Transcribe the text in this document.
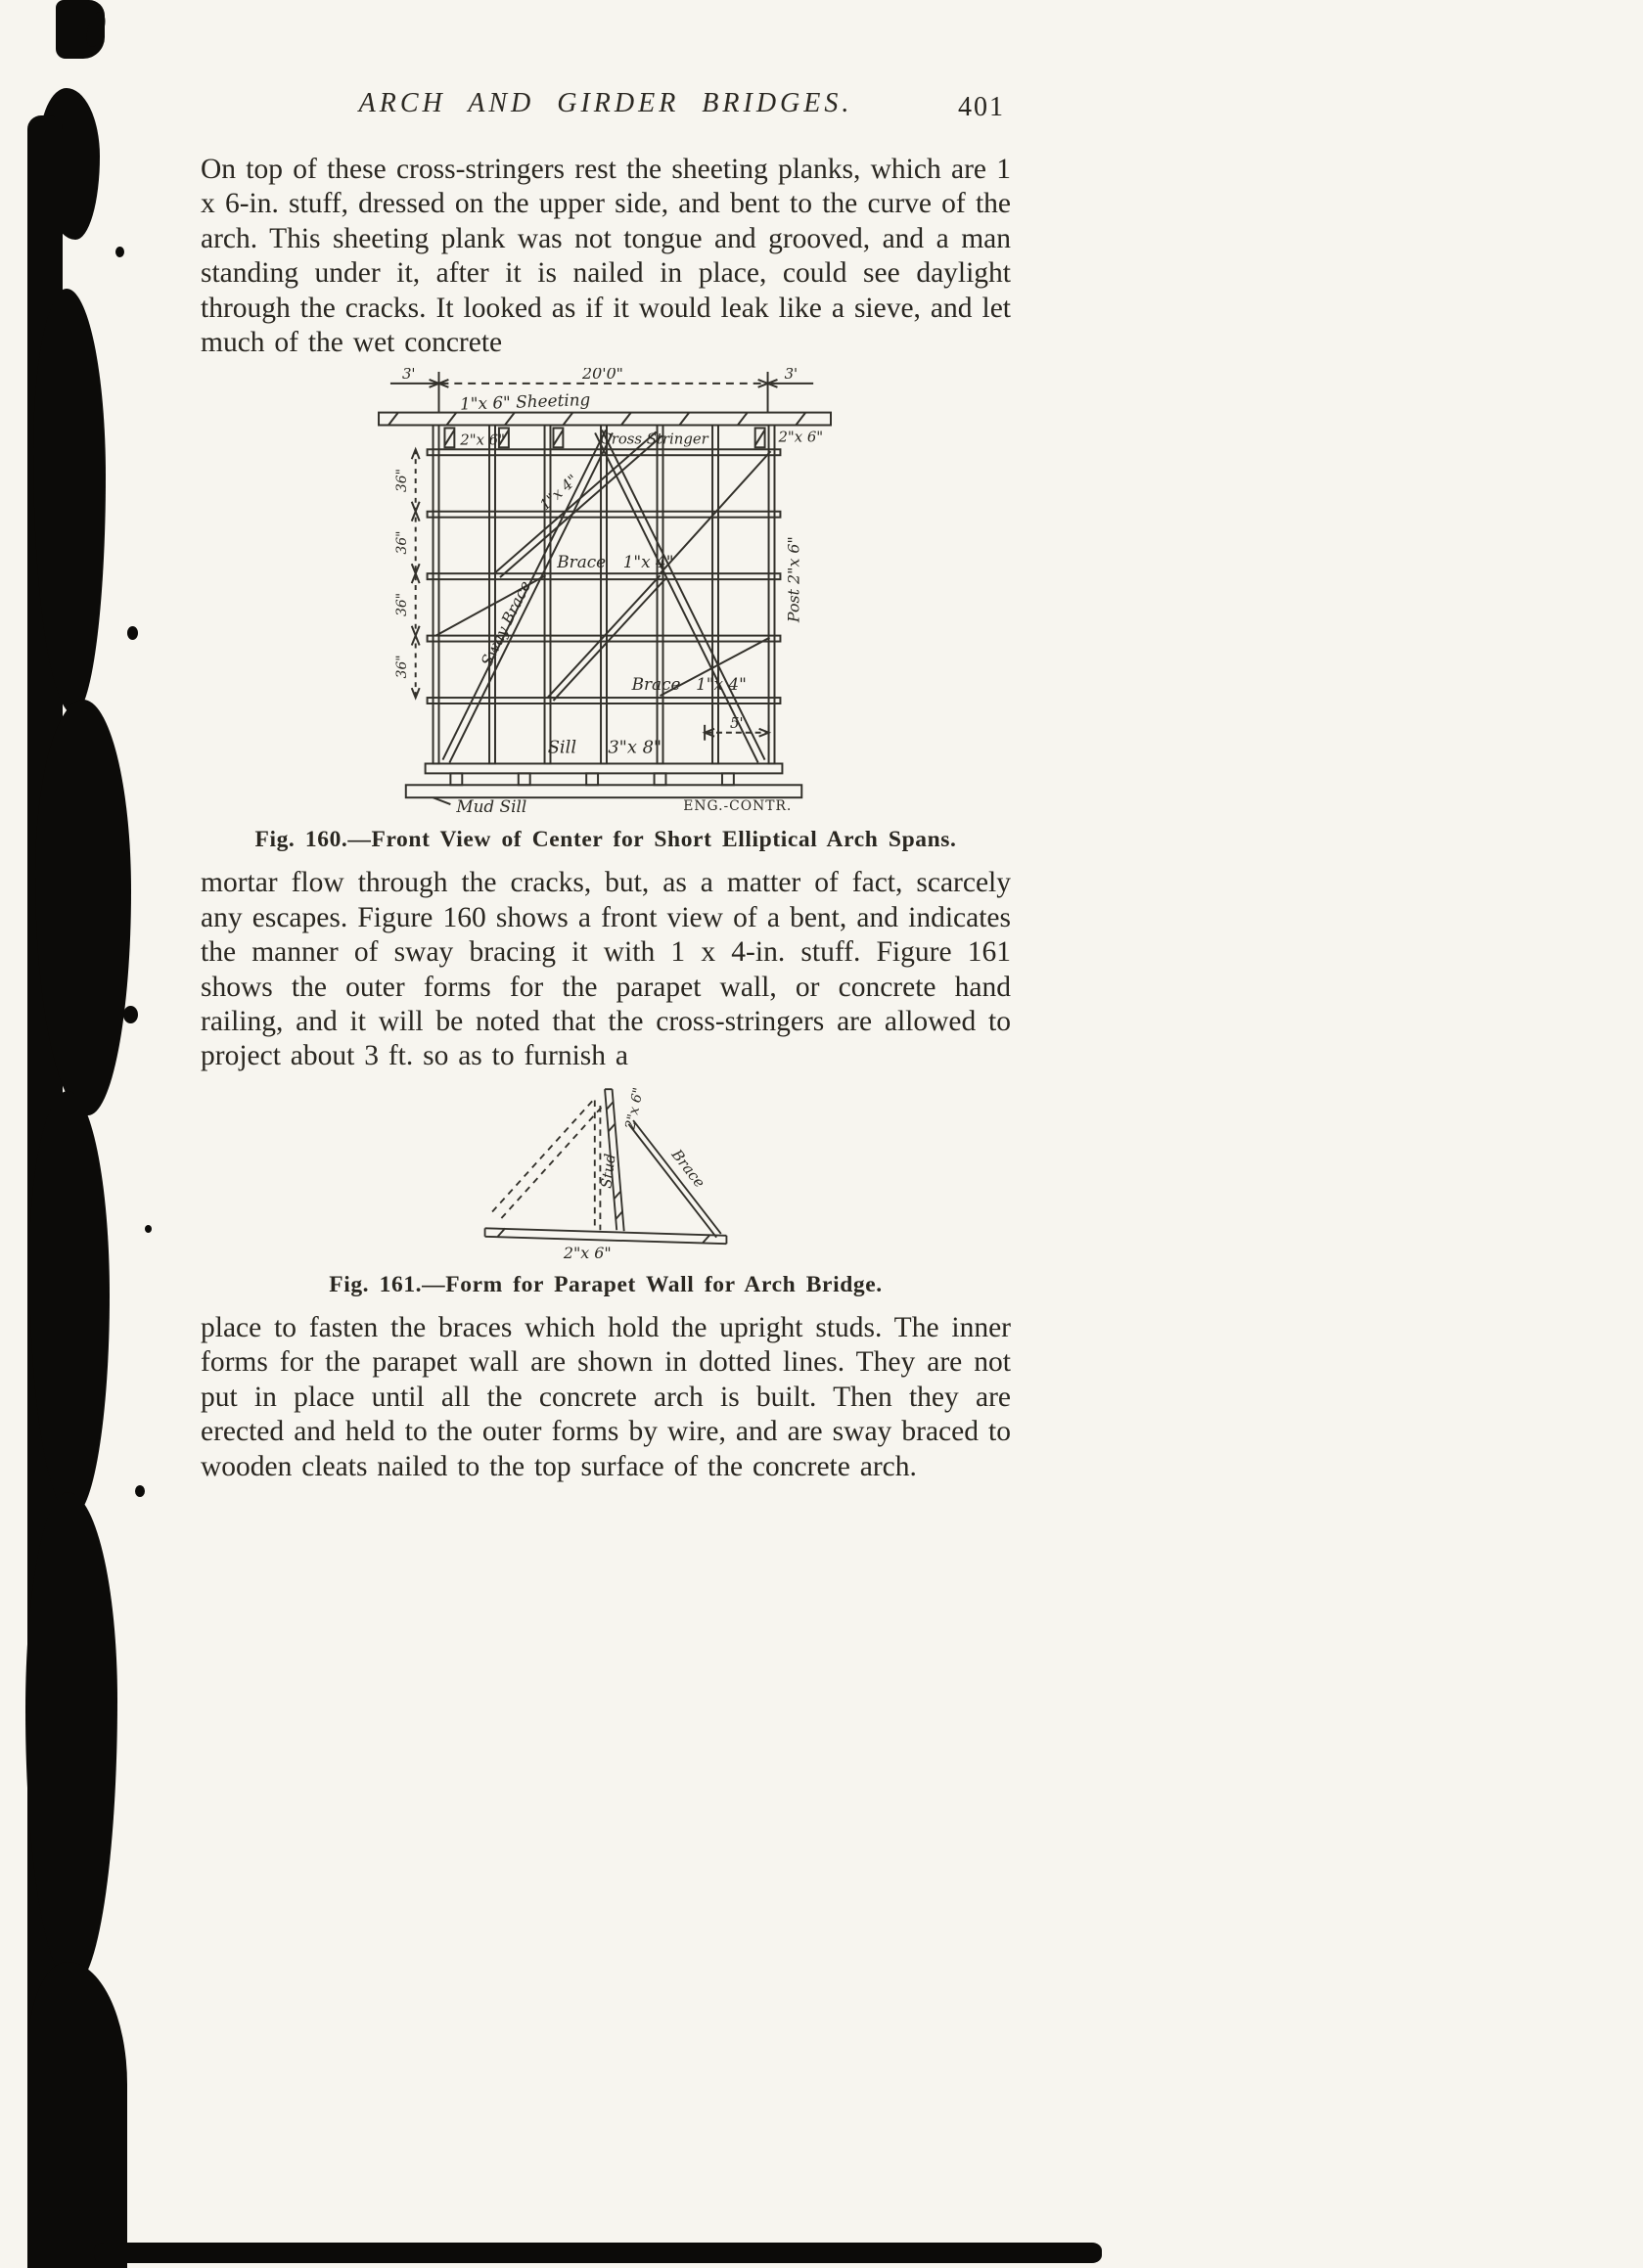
ARCH AND GIRDER BRIDGES.	401

On top of these cross-stringers rest the sheeting planks, which are 1 x 6-in. stuff, dressed on the upper side, and bent to the curve of the arch. This sheeting plank was not tongue and grooved, and a man standing under it, after it is nailed in place, could see daylight through the cracks. It looked as if it would leak like a sieve, and let much of the wet concrete

3'	20'0"	3'
1"x 6" Sheeting
2"x 6"	Cross Stringer	2"x 6"
1"x 4"
Brace 1"x 4"
Sway Brace	Post 2"x 6"
Brace 1"x 4"
Sill 3"x 8"
5'
Mud Sill	ENG.-CONTR.
36"
36"
36"
36"
Fig. 160.—Front View of Center for Short Elliptical Arch Spans.

mortar flow through the cracks, but, as a matter of fact, scarcely any escapes. Figure 160 shows a front view of a bent, and indicates the manner of sway bracing it with 1 x 4-in. stuff. Figure 161 shows the outer forms for the parapet wall, or concrete hand railing, and it will be noted that the cross-stringers are allowed to project about 3 ft. so as to furnish a

2"x 6"
Stud	Brace
2"x 6"
Fig. 161.—Form for Parapet Wall for Arch Bridge.

place to fasten the braces which hold the upright studs. The inner forms for the parapet wall are shown in dotted lines. They are not put in place until all the concrete arch is built. Then they are erected and held to the outer forms by wire, and are sway braced to wooden cleats nailed to the top surface of the concrete arch.
